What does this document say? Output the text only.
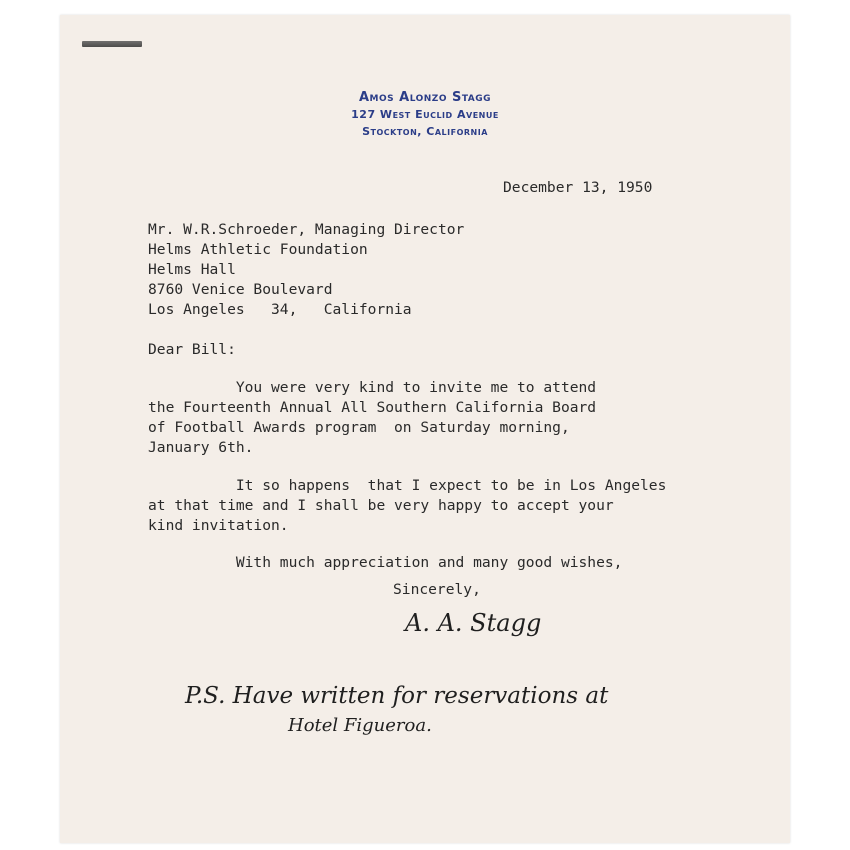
Amos Alonzo Stagg
127 West Euclid Avenue
Stockton, California
December 13, 1950
Mr. W.R.Schroeder, Managing Director
Helms Athletic Foundation
Helms Hall
8760 Venice Boulevard
Los Angeles   34,   California
Dear Bill:
You were very kind to invite me to attend
the Fourteenth Annual All Southern California Board
of Football Awards program  on Saturday morning,
January 6th.
It so happens  that I expect to be in Los Angeles
at that time and I shall be very happy to accept your
kind invitation.
With much appreciation and many good wishes,
Sincerely,
A. A. Stagg
P.S. Have written for reservations at
Hotel Figueroa.
